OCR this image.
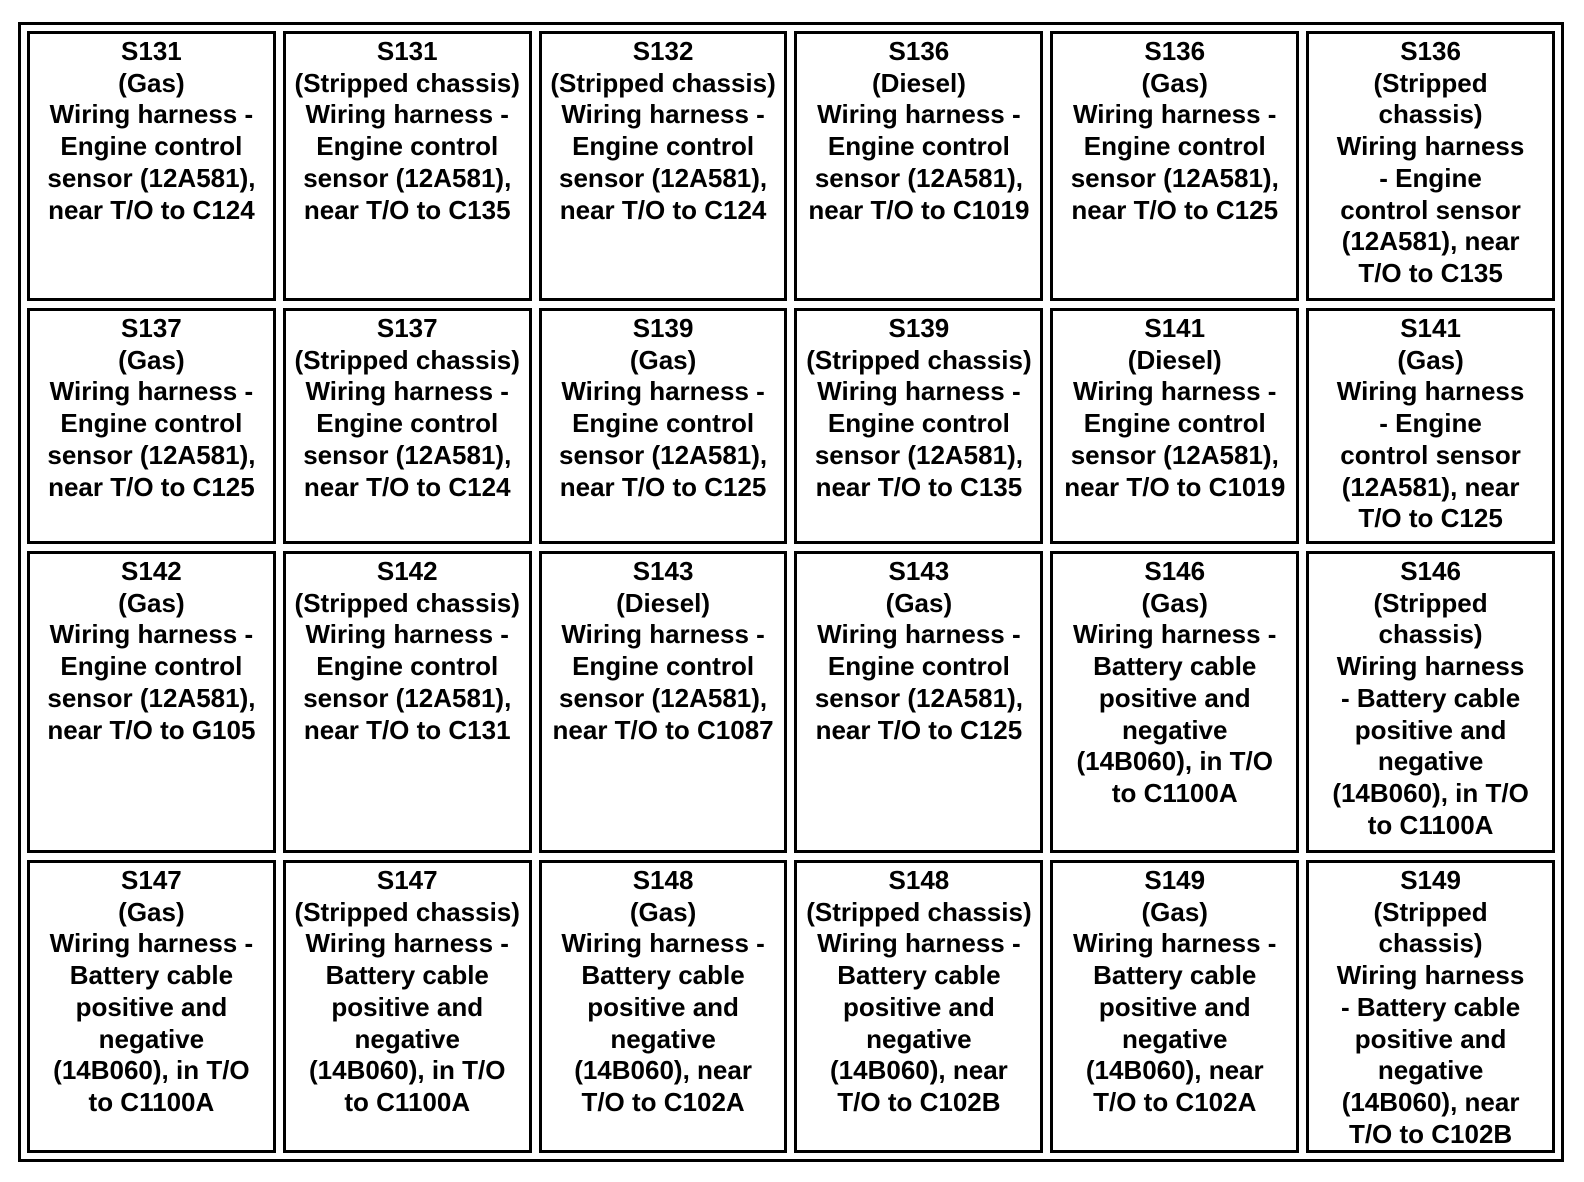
S131
(Gas)
Wiring harness -
Engine control
sensor (12A581),
near T/O to C124
S131
(Stripped chassis)
Wiring harness -
Engine control
sensor (12A581),
near T/O to C135
S132
(Stripped chassis)
Wiring harness -
Engine control
sensor (12A581),
near T/O to C124
S136
(Diesel)
Wiring harness -
Engine control
sensor (12A581),
near T/O to C1019
S136
(Gas)
Wiring harness -
Engine control
sensor (12A581),
near T/O to C125
S136
(Stripped
chassis)
Wiring harness
- Engine
control sensor
(12A581), near
T/O to C135
S137
(Gas)
Wiring harness -
Engine control
sensor (12A581),
near T/O to C125
S137
(Stripped chassis)
Wiring harness -
Engine control
sensor (12A581),
near T/O to C124
S139
(Gas)
Wiring harness -
Engine control
sensor (12A581),
near T/O to C125
S139
(Stripped chassis)
Wiring harness -
Engine control
sensor (12A581),
near T/O to C135
S141
(Diesel)
Wiring harness -
Engine control
sensor (12A581),
near T/O to C1019
S141
(Gas)
Wiring harness
- Engine
control sensor
(12A581), near
T/O to C125
S142
(Gas)
Wiring harness -
Engine control
sensor (12A581),
near T/O to G105
S142
(Stripped chassis)
Wiring harness -
Engine control
sensor (12A581),
near T/O to C131
S143
(Diesel)
Wiring harness -
Engine control
sensor (12A581),
near T/O to C1087
S143
(Gas)
Wiring harness -
Engine control
sensor (12A581),
near T/O to C125
S146
(Gas)
Wiring harness -
Battery cable
positive and
negative
(14B060), in T/O
to C1100A
S146
(Stripped
chassis)
Wiring harness
- Battery cable
positive and
negative
(14B060), in T/O
to C1100A
S147
(Gas)
Wiring harness -
Battery cable
positive and
negative
(14B060), in T/O
to C1100A
S147
(Stripped chassis)
Wiring harness -
Battery cable
positive and
negative
(14B060), in T/O
to C1100A
S148
(Gas)
Wiring harness -
Battery cable
positive and
negative
(14B060), near
T/O to C102A
S148
(Stripped chassis)
Wiring harness -
Battery cable
positive and
negative
(14B060), near
T/O to C102B
S149
(Gas)
Wiring harness -
Battery cable
positive and
negative
(14B060), near
T/O to C102A
S149
(Stripped
chassis)
Wiring harness
- Battery cable
positive and
negative
(14B060), near
T/O to C102B
